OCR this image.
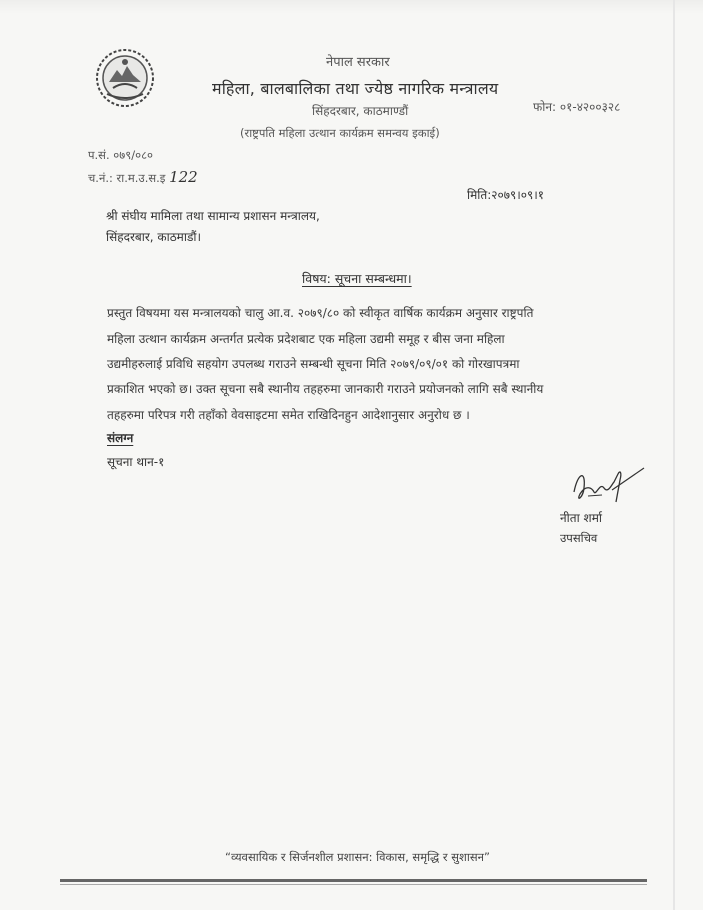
नेपाल सरकार
महिला, बालबालिका तथा ज्येष्ठ नागरिक मन्त्रालय
फोन: ०१-४२००३२८
सिंहदरबार, काठमाण्डौं
(राष्ट्रपति महिला उत्थान कार्यक्रम समन्वय इकाई)
प.सं. ०७९/०८०
च.नं.: रा.म.उ.स.इ 122
मिति:२०७९।०९।१
श्री संघीय मामिला तथा सामान्य प्रशासन मन्त्रालय,
सिंहदरबार, काठमाडौं।
विषय: सूचना सम्बन्धमा।
प्रस्तुत विषयमा यस मन्त्रालयको चालु आ.व. २०७९/८० को स्वीकृत वार्षिक कार्यक्रम अनुसार राष्ट्रपति
महिला उत्थान कार्यक्रम अन्तर्गत प्रत्येक प्रदेशबाट एक महिला उद्यमी समूह र बीस जना महिला
उद्यमीहरुलाई प्रविधि सहयोग उपलब्ध गराउने सम्बन्धी सूचना मिति २०७९/०९/०१ को गोरखापत्रमा
प्रकाशित भएको छ। उक्त सूचना सबै स्थानीय तहहरुमा जानकारी गराउने प्रयोजनको लागि सबै स्थानीय
तहहरुमा परिपत्र गरी तहाँको वेवसाइटमा समेत राखिदिनहुन आदेशानुसार अनुरोध छ ।
संलग्न
सूचना थान-१
नीता शर्मा
उपसचिव
“व्यवसायिक र सिर्जनशील प्रशासन: विकास, समृद्धि र सुशासन”
